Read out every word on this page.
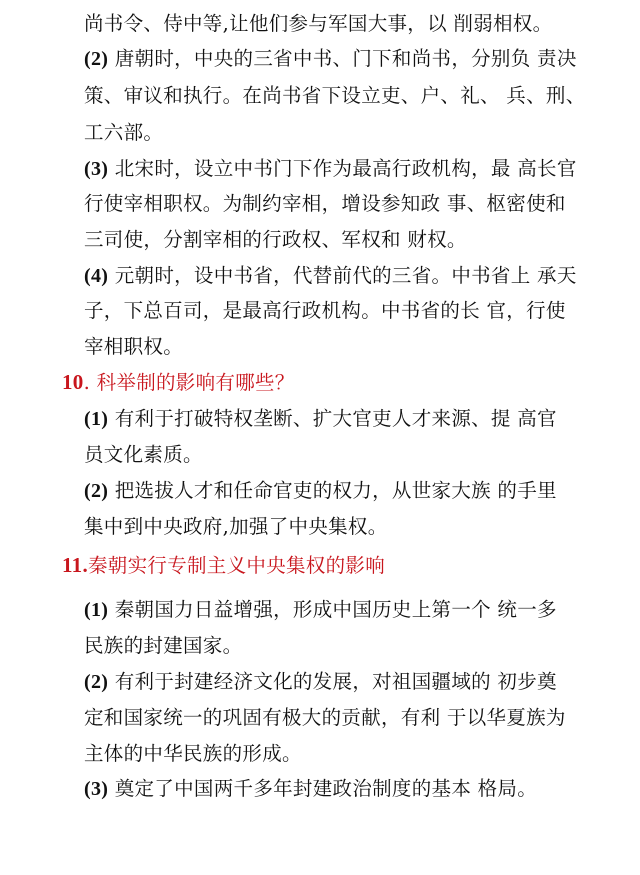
尚书令、侍中等,让他们参与军国大事，以 削弱相权。
(2) 唐朝时，中央的三省中书、门下和尚书，分别负 责决
策、审议和执行。在尚书省下设立吏、户、礼、 兵、刑、
工六部。
(3) 北宋时，设立中书门下作为最高行政机构，最 高长官
行使宰相职权。为制约宰相，增设参知政 事、枢密使和
三司使，分割宰相的行政权、军权和 财权。
(4) 元朝时，设中书省，代替前代的三省。中书省上 承天
子，下总百司，是最高行政机构。中书省的长 官，行使
宰相职权。
10. 科举制的影响有哪些？
(1) 有利于打破特权垄断、扩大官吏人才来源、提 高官
员文化素质。
(2) 把选拔人才和任命官吏的权力，从世家大族 的手里
集中到中央政府,加强了中央集权。
11.秦朝实行专制主义中央集权的影响
(1) 秦朝国力日益增强，形成中国历史上第一个 统一多
民族的封建国家。
(2) 有利于封建经济文化的发展，对祖国疆域的 初步奠
定和国家统一的巩固有极大的贡献，有利 于以华夏族为
主体的中华民族的形成。
(3) 奠定了中国两千多年封建政治制度的基本 格局。
